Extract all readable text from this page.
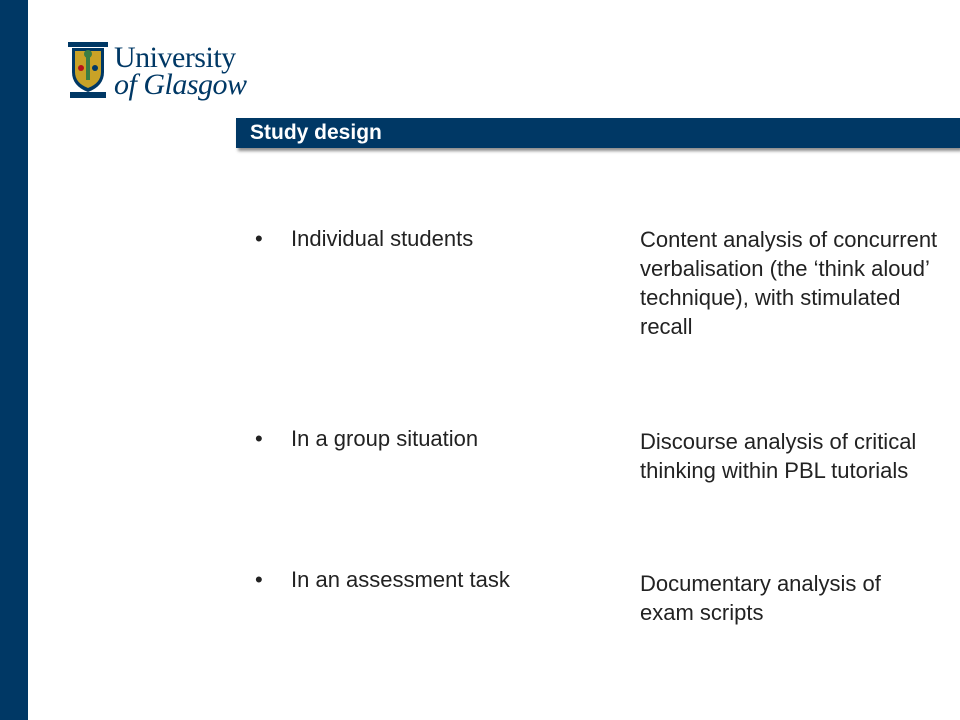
University
of Glasgow
Study design
• Individual students	Content analysis of concurrent verbalisation (the ‘think aloud’ technique), with stimulated recall
• In a group situation	Discourse analysis of critical thinking within PBL tutorials
• In an assessment task	Documentary analysis of exam scripts
